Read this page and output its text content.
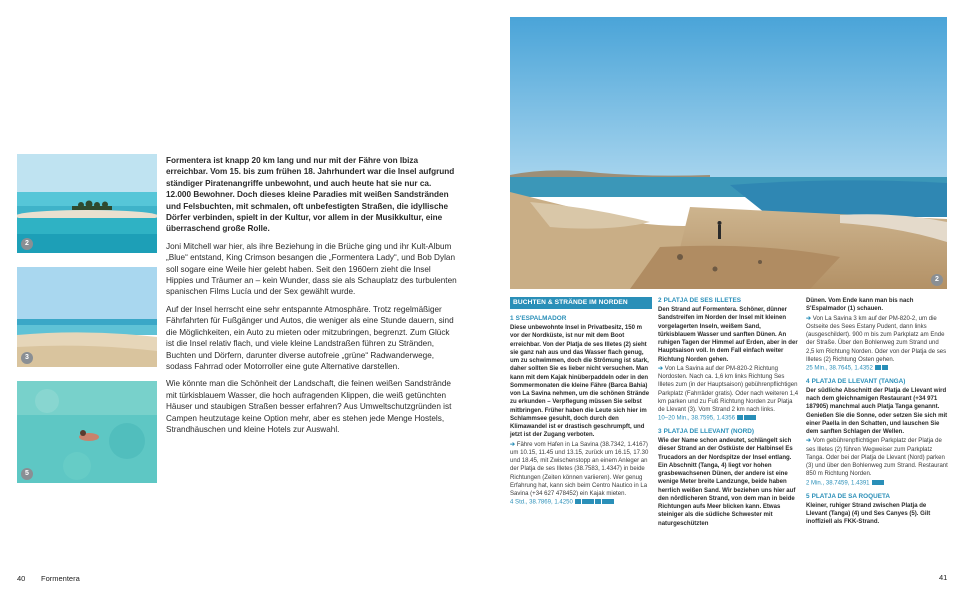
2
3
5

Formentera ist knapp 20 km lang und nur mit der Fähre von Ibiza erreichbar. Vom 15. bis zum frühen 18. Jahrhundert war die Insel aufgrund ständiger Piratenangriffe unbewohnt, und auch heute hat sie nur ca. 12.000 Bewohner. Doch dieses kleine Paradies mit weißen Sandstränden und Felsbuchten, mit schmalen, oft unbefestigten Straßen, die idyllische Dörfer verbinden, spielt in der Kultur, vor allem in der Musikkultur, eine überraschend große Rolle.

Joni Mitchell war hier, als ihre Beziehung in die Brüche ging und ihr Kult-Album „Blue“ entstand, King Crimson besangen die „Formentera Lady“, und Bob Dylan soll sogare eine Weile hier gelebt haben. Seit den 1960ern zieht die Insel Hippies und Träumer an – kein Wunder, dass sie als Schauplatz des turbulenten spanischen Films Lucía und der Sex gewählt wurde.

Auf der Insel herrscht eine sehr entspannte Atmosphäre. Trotz regelmäßiger Fährfahrten für Fußgänger und Autos, die weniger als eine Stunde dauern, sind die Möglichkeiten, ein Auto zu mieten oder mitzubringen, begrenzt. Zum Glück ist die Insel relativ flach, und viele kleine Landstraßen führen zu Stränden, Buchten und Dörfern, darunter diverse autofreie „grüne“ Radwanderwege, sodass Fahrrad oder Motorroller eine gute Alternative darstellen.

Wie könnte man die Schönheit der Landschaft, die feinen weißen Sandstrände mit türkisblauem Wasser, die hoch aufragenden Klippen, die weiß getünchten Häuser und staubigen Straßen besser erfahren? Aus Umweltschutzgründen ist Campen heutzutage keine Option mehr, aber es stehen jede Menge Hostels, Strandhäuschen und kleine Hotels zur Auswahl.

40 Formentera	41
2
BUCHTEN & STRÄNDE IM NORDEN
1 S'ESPALMADOR
Diese unbewohnte Insel in Privatbesitz, 150 m vor der Nordküste, ist nur mit dem Boot erreichbar. Von der Platja de ses Illetes (2) sieht sie ganz nah aus und das Wasser flach genug, um zu schwimmen, doch die Strömung ist stark, daher sollten Sie es lieber nicht versuchen. Man kann mit dem Kajak hinüberpaddeln oder in den Sommermonaten die kleine Fähre (Barca Bahía) von La Savina nehmen, um die schönen Strände zu erkunden – Verpflegung müssen Sie selbst mitbringen. Früher haben die Leute sich hier im Schlammsee gesuhlt, doch durch den Klimawandel ist er drastisch geschrumpft, und jetzt ist der Zugang verboten.
➔ Fähre vom Hafen in La Savina (38.7342, 1.4167) um 10.15, 11.45 und 13.15, zurück um 16.15, 17.30 und 18.45, mit Zwischenstopp an einem Anleger an der Platja de ses Illetes (38.7583, 1.4347) in beide Richtungen (Zeiten können variieren). Wer genug Erfahrung hat, kann sich beim Centro Nautico in La Savina (+34 627 478452) ein Kajak mieten.
4 Std., 38.7869, 1.4250
2 PLATJA DE SES ILLETES
Den Strand auf Formentera. Schöner, dünner Sandstreifen im Norden der Insel mit kleinen vorgelagerten Inseln, weißem Sand, türkisblauem Wasser und sanften Dünen. An ruhigen Tagen der Himmel auf Erden, aber in der Hauptsaison voll. In dem Fall einfach weiter Richtung Norden gehen.
➔ Von La Savina auf der PM-820-2 Richtung Nordosten. Nach ca. 1,6 km links Richtung Ses Illetes zum (in der Hauptsaison) gebührenpflichtigen Parkplatz (Fahrräder gratis). Oder nach weiteren 1,4 km parken und zu Fuß Richtung Norden zur Platja de Llevant (3). Vom Strand 2 km nach links.
10–20 Min., 38.7595, 1.4356
3 PLATJA DE LLEVANT (NORD)
Wie der Name schon andeutet, schlängelt sich dieser Strand an der Ostküste der Halbinsel Es Trucadors an der Nordspitze der Insel entlang. Ein Abschnitt (Tanga, 4) liegt vor hohen grasbewachsenen Dünen, der andere ist eine wenige Meter breite Landzunge, beide haben herrlich weißen Sand. Wir beziehen uns hier auf den nördlicheren Strand, von dem man in beide Richtungen aufs Meer blicken kann. Etwas steiniger als die südliche Schwester mit naturgeschützten
Dünen. Vom Ende kann man bis nach S'Espalmador (1) schauen.
➔ Von La Savina 3 km auf der PM-820-2, um die Ostseite des Sees Estany Pudent, dann links (ausgeschildert). 900 m bis zum Parkplatz am Ende der Straße. Über den Bohlenweg zum Strand und 2,5 km Richtung Norden. Oder von der Platja de ses Illetes (2) Richtung Osten gehen.
25 Min., 38.7645, 1.4352
4 PLATJA DE LLEVANT (TANGA)
Der südliche Abschnitt der Platja de Llevant wird nach dem gleichnamigen Restaurant (+34 971 187905) manchmal auch Platja Tanga genannt. Genießen Sie die Sonne, oder setzen Sie sich mit einer Paella in den Schatten, und lauschen Sie dem sanften Schlagen der Wellen.
➔ Vom gebührenpflichtigen Parkplatz der Platja de ses Illetes (2) führen Wegweiser zum Parkplatz Tanga. Oder bei der Platja de Llevant (Nord) parken (3) und über den Bohlenweg zum Strand. Restaurant 850 m Richtung Norden.
2 Min., 38.7459, 1.4391
5 PLATJA DE SA ROQUETA
Kleiner, ruhiger Strand zwischen Platja de Llevant (Tanga) (4) und Ses Canyes (5). Gilt inoffiziell als FKK-Strand.
